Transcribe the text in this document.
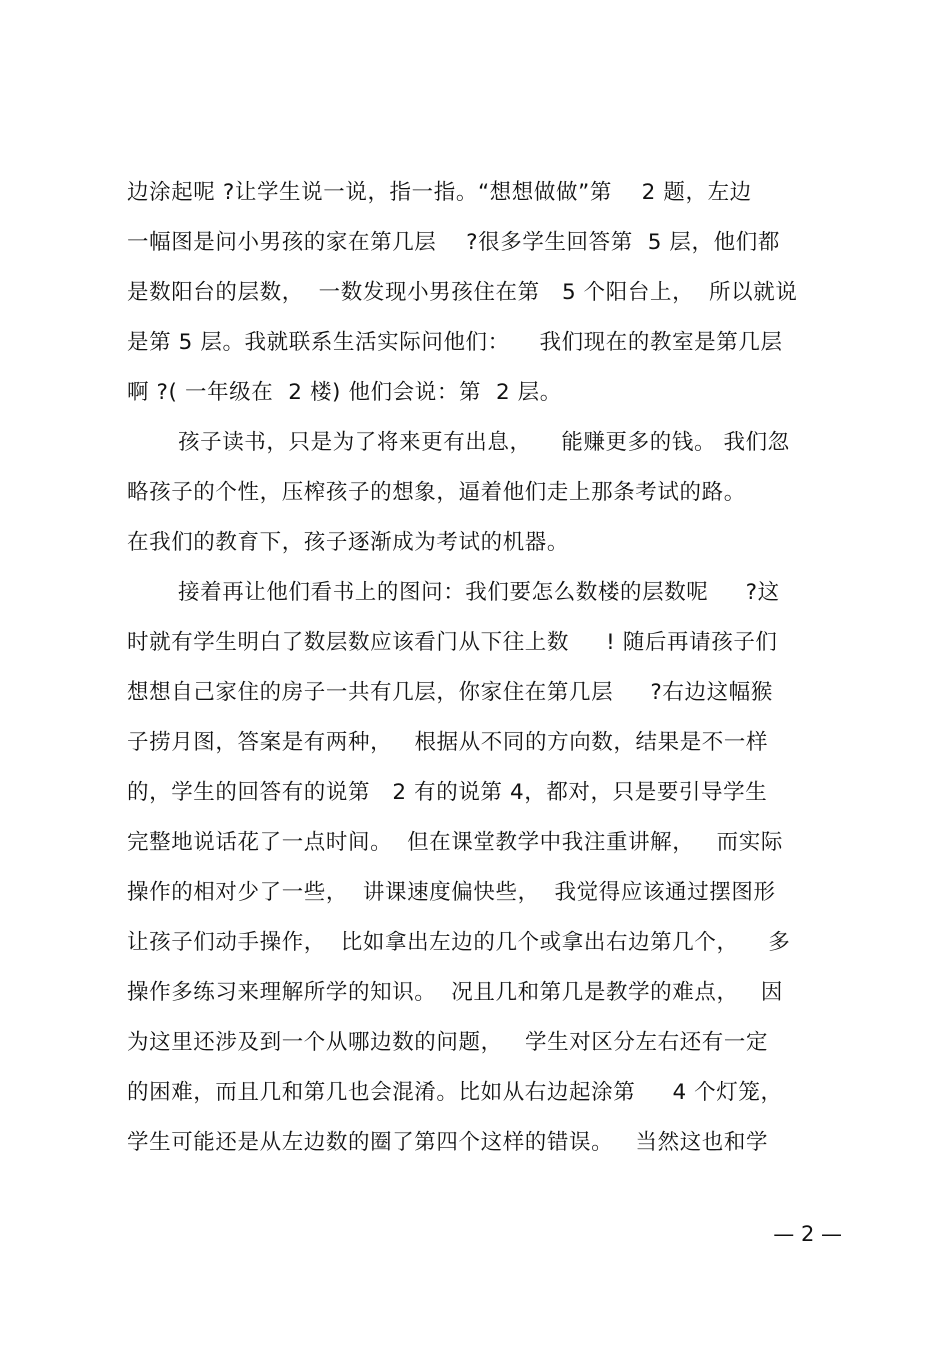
边涂起呢 ?让学生说一说，指一指。“想想做做”第    2 题，左边
一幅图是问小男孩的家在第几层    ?很多学生回答第  5 层，他们都
是数阳台的层数，  一数发现小男孩住在第   5 个阳台上，  所以就说
是第 5 层。我就联系生活实际问他们：    我们现在的教室是第几层
啊 ?( 一年级在  2 楼) 他们会说：第  2 层。
孩子读书，只是为了将来更有出息，    能赚更多的钱。 我们忽
略孩子的个性，压榨孩子的想象，逼着他们走上那条考试的路。
在我们的教育下，孩子逐渐成为考试的机器。
接着再让他们看书上的图问：我们要怎么数楼的层数呢     ?这
时就有学生明白了数层数应该看门从下往上数     ! 随后再请孩子们
想想自己家住的房子一共有几层，你家住在第几层     ?右边这幅猴
子捞月图，答案是有两种，   根据从不同的方向数，结果是不一样
的，学生的回答有的说第   2 有的说第 4，都对，只是要引导学生
完整地说话花了一点时间。  但在课堂教学中我注重讲解，   而实际
操作的相对少了一些，  讲课速度偏快些，  我觉得应该通过摆图形
让孩子们动手操作，  比如拿出左边的几个或拿出右边第几个，    多
操作多练习来理解所学的知识。  况且几和第几是教学的难点，   因
为这里还涉及到一个从哪边数的问题，   学生对区分左右还有一定
的困难，而且几和第几也会混淆。比如从右边起涂第     4 个灯笼，
学生可能还是从左边数的圈了第四个这样的错误。   当然这也和学
— 2 —
